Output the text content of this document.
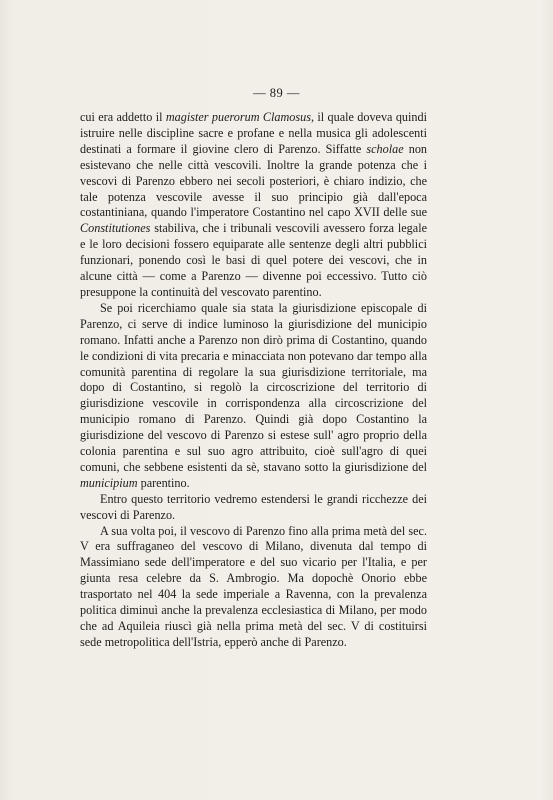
— 89 —

cui era addetto il magister puerorum Clamosus, il quale doveva quindi istruire nelle discipline sacre e profane e nella musica gli adolescenti destinati a formare il giovine clero di Parenzo. Siffatte scholae non esistevano che nelle città vescovili. Inoltre la grande potenza che i vescovi di Parenzo ebbero nei secoli posteriori, è chiaro indizio, che tale potenza vescovile avesse il suo principio già dall'epoca costantiniana, quando l'imperatore Costantino nel capo XVII delle sue Constitutiones stabiliva, che i tribunali vescovili avessero forza legale e le loro decisioni fossero equiparate alle sentenze degli altri pubblici funzionari, ponendo così le basi di quel potere dei vescovi, che in alcune città — come a Parenzo — divenne poi eccessivo. Tutto ciò presuppone la continuità del vescovato parentino.

Se poi ricerchiamo quale sia stata la giurisdizione episcopale di Parenzo, ci serve di indice luminoso la giurisdizione del municipio romano. Infatti anche a Parenzo non dirò prima di Costantino, quando le condizioni di vita precaria e minacciata non potevano dar tempo alla comunità parentina di regolare la sua giurisdizione territoriale, ma dopo di Costantino, si regolò la circoscrizione del territorio di giurisdizione vescovile in corrispondenza alla circoscrizione del municipio romano di Parenzo. Quindi già dopo Costantino la giurisdizione del vescovo di Parenzo si estese sull' agro proprio della colonia parentina e sul suo agro attribuito, cioè sull'agro di quei comuni, che sebbene esistenti da sè, stavano sotto la giurisdizione del municipium parentino.

Entro questo territorio vedremo estendersi le grandi ricchezze dei vescovi di Parenzo.

A sua volta poi, il vescovo di Parenzo fino alla prima metà del sec. V era suffraganeo del vescovo di Milano, divenuta dal tempo di Massimiano sede dell'imperatore e del suo vicario per l'Italia, e per giunta resa celebre da S. Ambrogio. Ma dopochè Onorio ebbe trasportato nel 404 la sede imperiale a Ravenna, con la prevalenza politica diminuì anche la prevalenza ecclesiastica di Milano, per modo che ad Aquileia riuscì già nella prima metà del sec. V di costituirsi sede metropolitica dell'Istria, epperò anche di Parenzo.
